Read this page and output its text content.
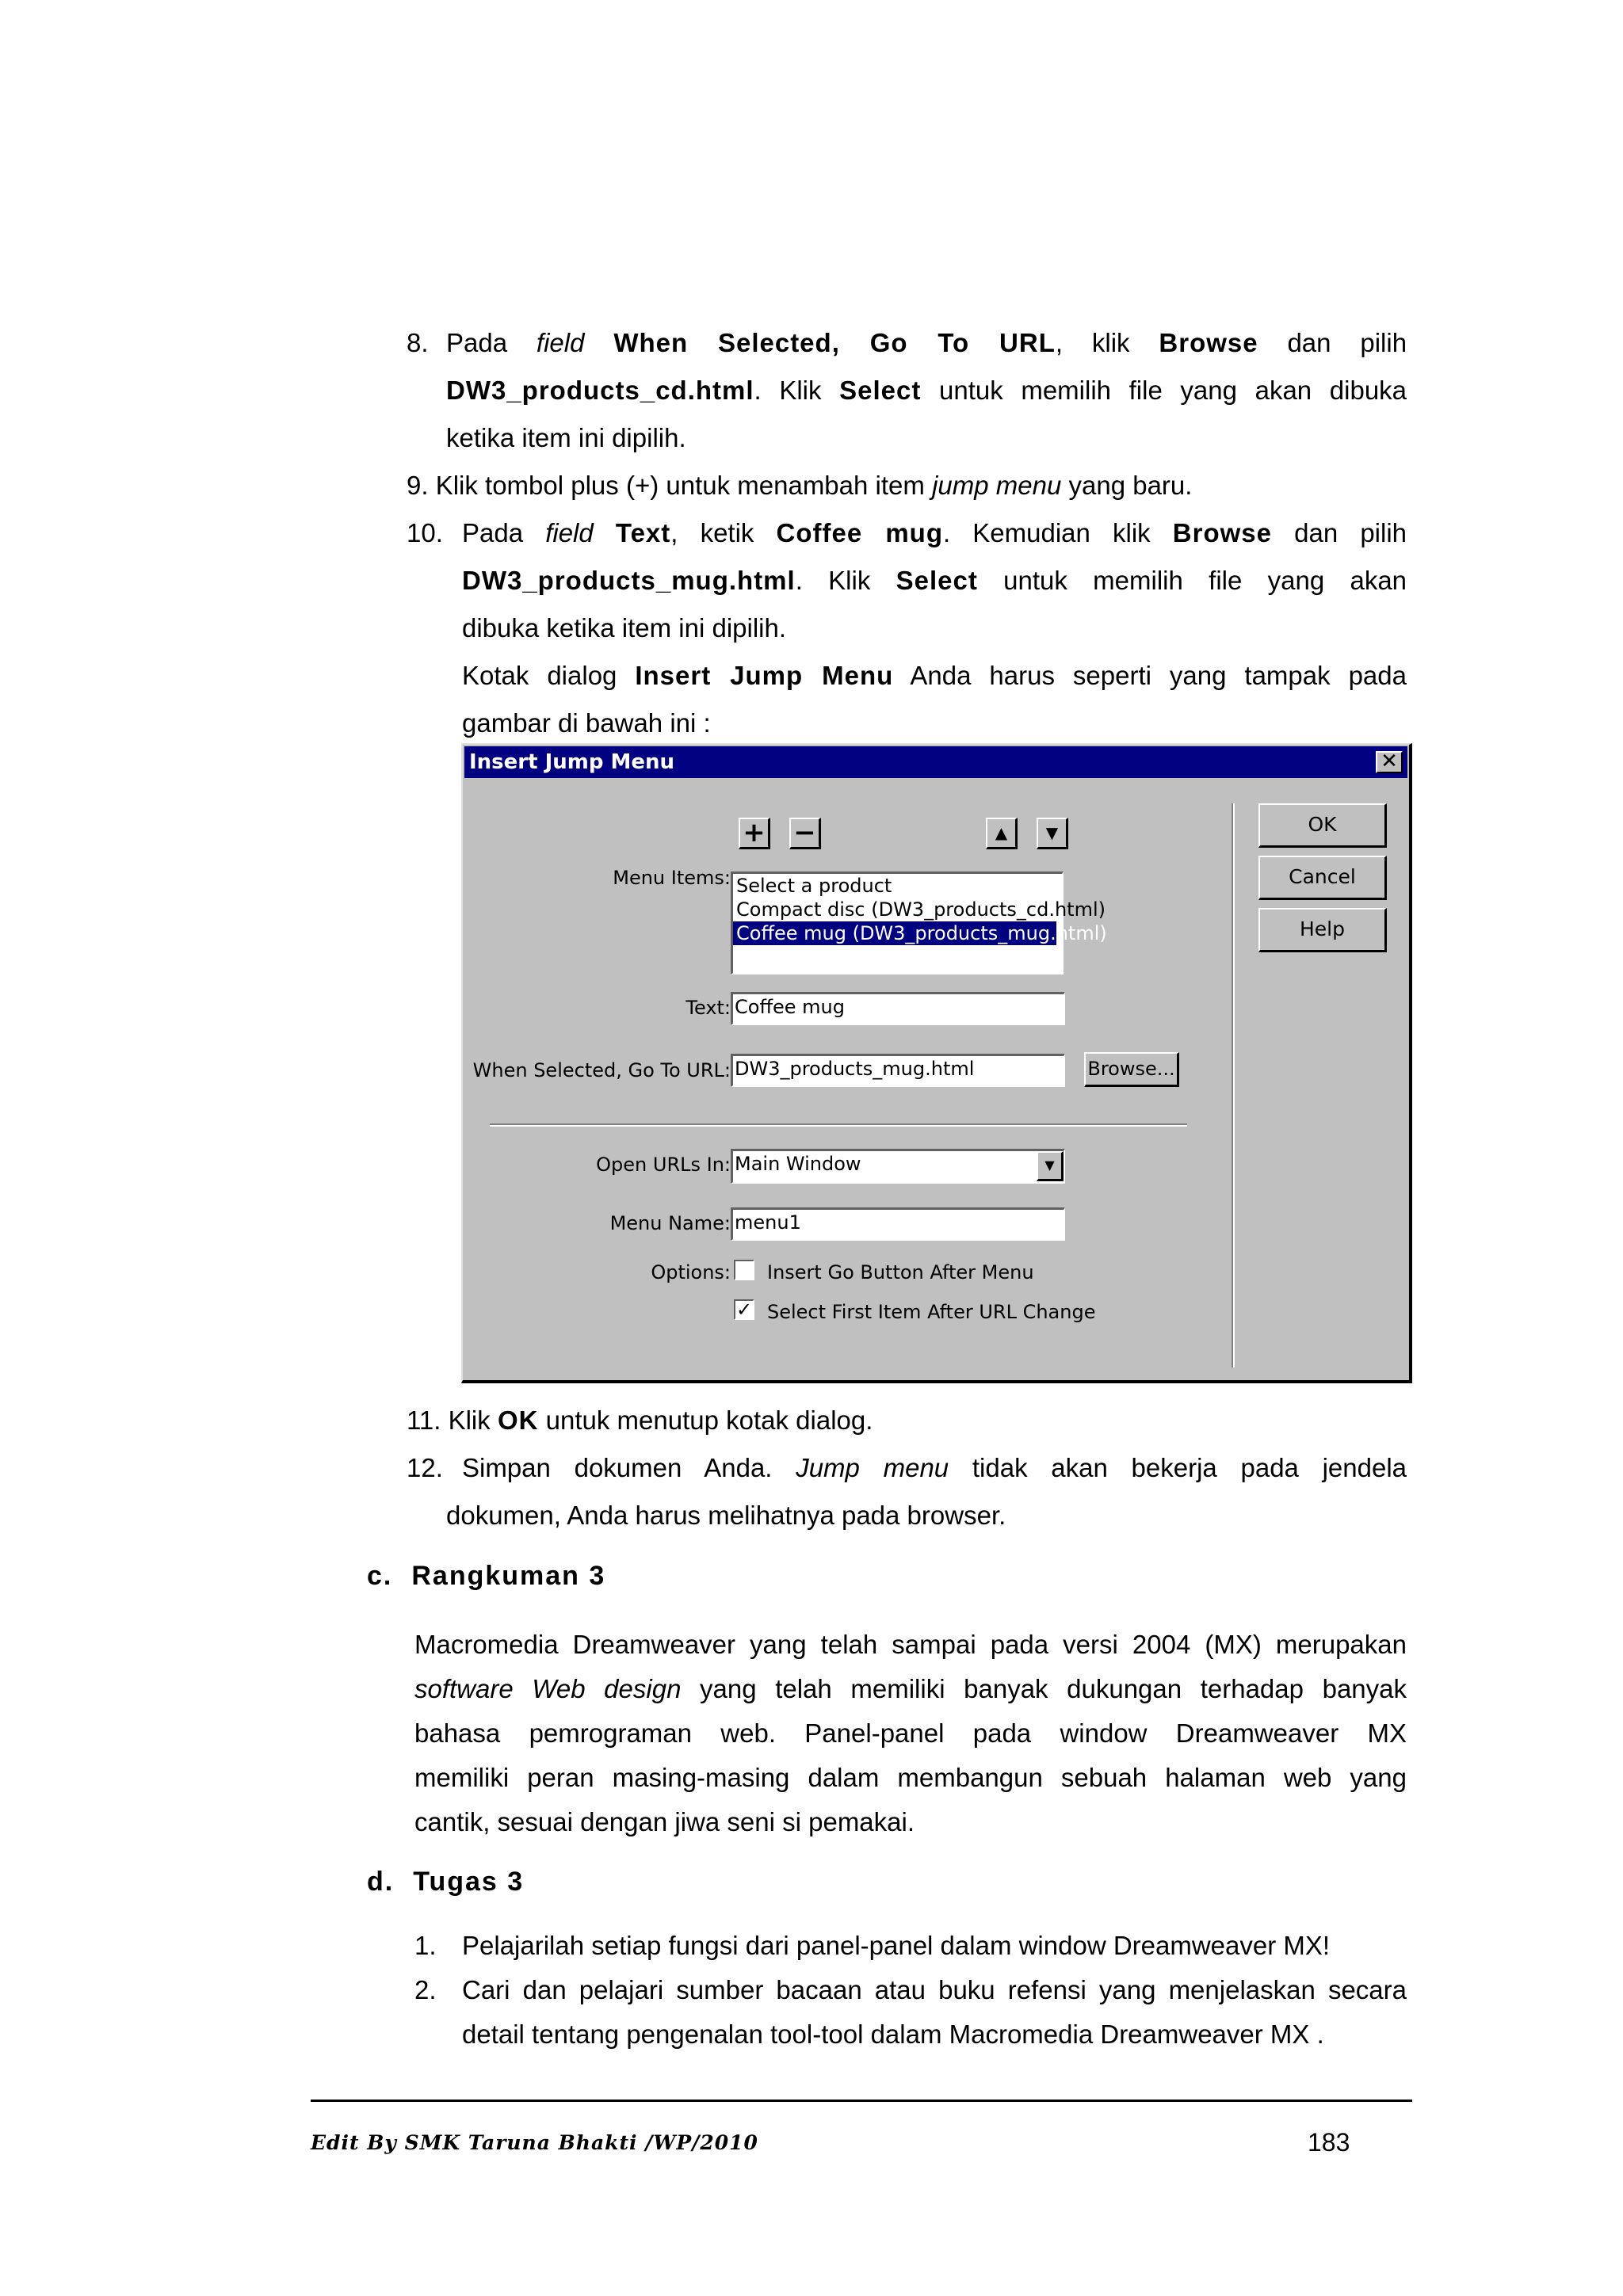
8. Pada field When Selected, Go To URL, klik Browse dan pilih

DW3_products_cd.html. Klik Select untuk memilih file yang akan dibuka

ketika item ini dipilih.

9. Klik tombol plus (+) untuk menambah item jump menu yang baru.

10. Pada field Text, ketik Coffee mug. Kemudian klik Browse dan pilih

DW3_products_mug.html. Klik Select untuk memilih file yang akan

dibuka ketika item ini dipilih.

Kotak dialog Insert Jump Menu Anda harus seperti yang tampak pada

gambar di bawah ini :

Insert Jump Menu	✕
+ −	▲	▼	OK
Cancel
Help
Menu Items: Select a product
Compact disc (DW3_products_cd.html)
Coffee mug (DW3_products_mug.html)
Text: Coffee mug
When Selected, Go To URL: DW3_products_mug.html	Browse...
Open URLs In: Main Window	▼
Menu Name: menu1
Options: Insert Go Button After Menu
✓ Select First Item After URL Change

11. Klik OK untuk menutup kotak dialog.

12. Simpan dokumen Anda. Jump menu tidak akan bekerja pada jendela

dokumen, Anda harus melihatnya pada browser.

c. Rangkuman 3

Macromedia Dreamweaver yang telah sampai pada versi 2004 (MX) merupakan

software Web design yang telah memiliki banyak dukungan terhadap banyak

bahasa pemrograman web. Panel-panel pada window Dreamweaver MX

memiliki peran masing-masing dalam membangun sebuah halaman web yang

cantik, sesuai dengan jiwa seni si pemakai.

d. Tugas 3

1. Pelajarilah setiap fungsi dari panel-panel dalam window Dreamweaver MX!

2. Cari dan pelajari sumber bacaan atau buku refensi yang menjelaskan secara

detail tentang pengenalan tool-tool dalam Macromedia Dreamweaver MX .

Edit By SMK Taruna Bhakti /WP/2010	183
